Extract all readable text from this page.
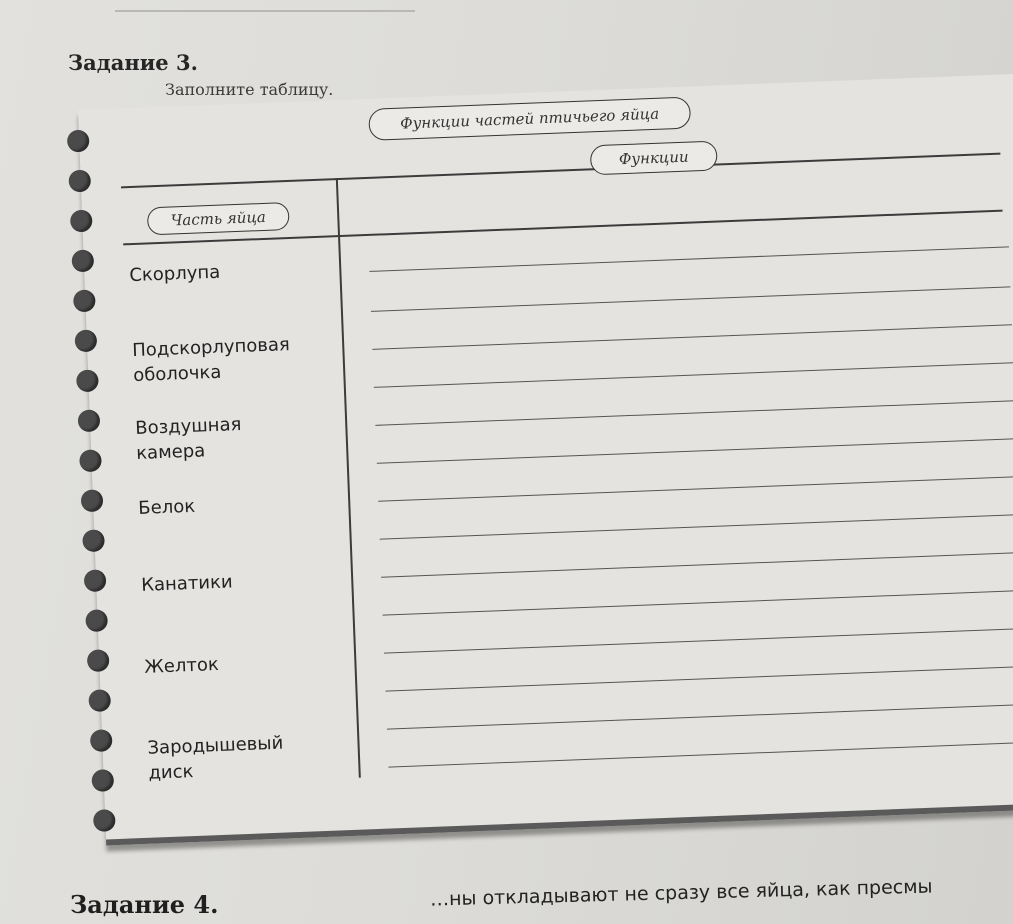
Задание 3.
Заполните таблицу.
Функции частей птичьего яйца
Функции
Часть яйца
Скорлупа
Подскорлуповая
оболочка
Воздушная
камера
Белок
Канатики
Желток
Зародышевый
диск
Задание 4.	…ны откладывают не сразу все яйца, как пресмы
